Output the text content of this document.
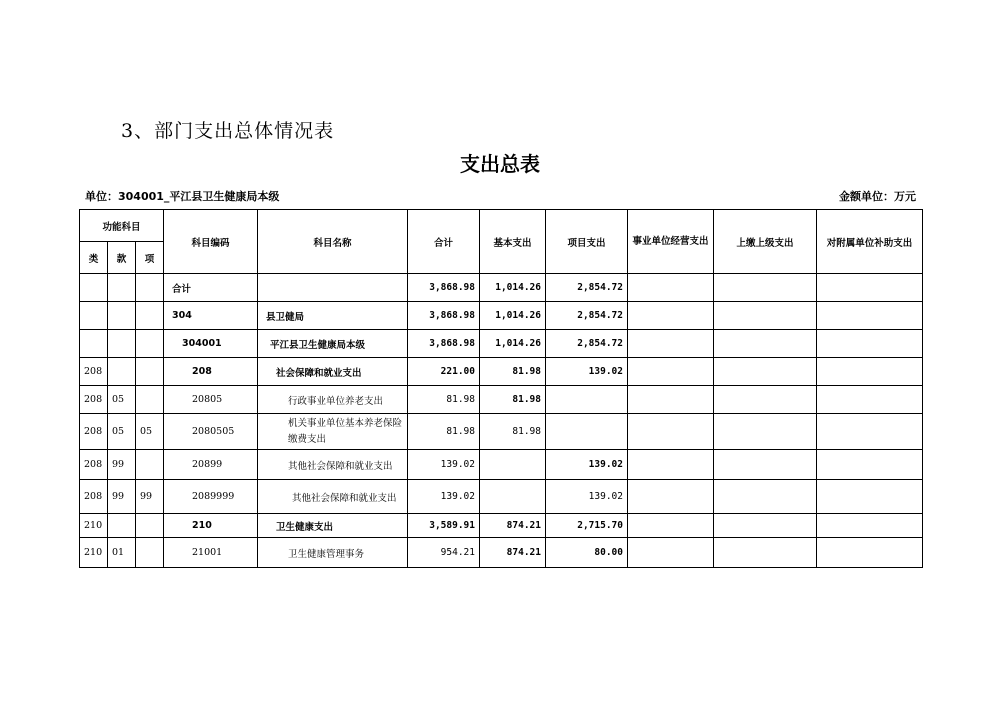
3、部门支出总体情况表
支出总表
单位：304001_平江县卫生健康局本级	金额单位：万元
功能科目			科目编码	科目名称	合计	基本支出	项目支出	事业单位经营支出	上缴上级支出	对附属单位补助支出
类	款	项								
			合计		3,868.98	1,014.26	2,854.72			
			304	县卫健局	3,868.98	1,014.26	2,854.72			
			304001	平江县卫生健康局本级	3,868.98	1,014.26	2,854.72			
208			208	社会保障和就业支出	221.00	81.98	139.02			
208	05		20805	行政事业单位养老支出	81.98	81.98				
208	05	05	2080505	机关事业单位基本养老保险缴费支出	81.98	81.98				
208	99		20899	其他社会保障和就业支出	139.02		139.02			
208	99	99	2089999	其他社会保障和就业支出	139.02		139.02			
210			210	卫生健康支出	3,589.91	874.21	2,715.70			
210	01		21001	卫生健康管理事务	954.21	874.21	80.00			
